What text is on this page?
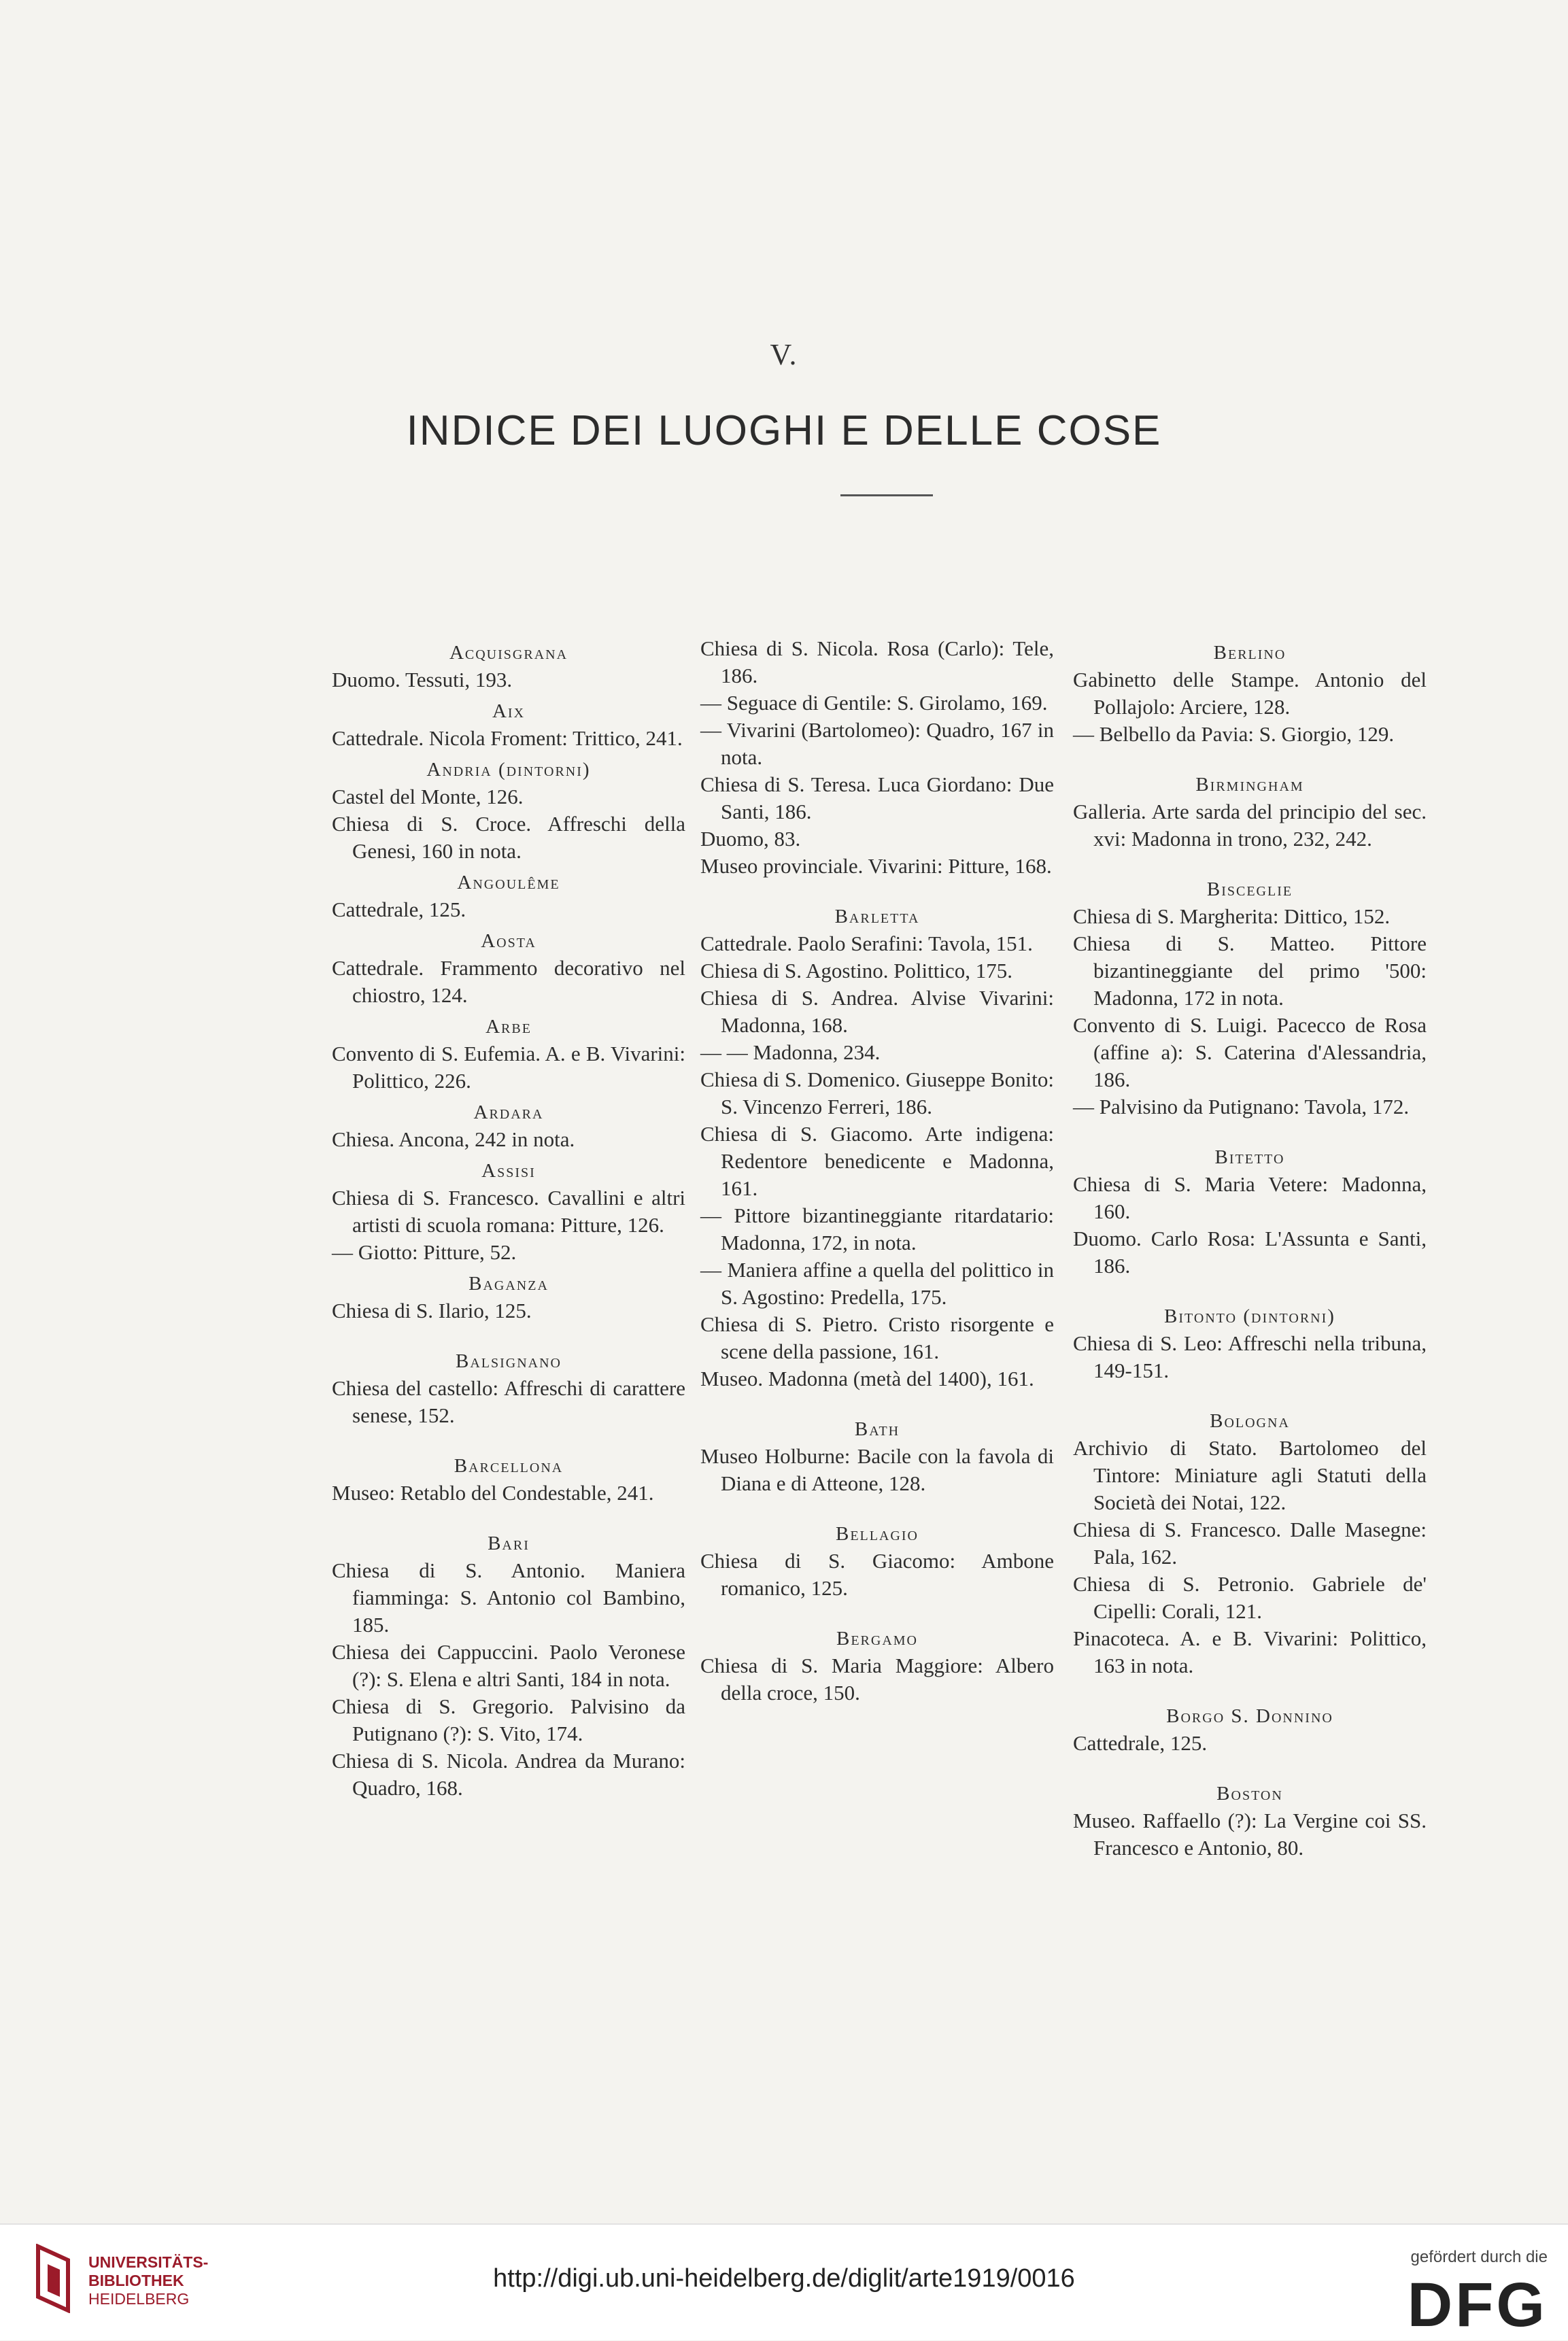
V.
INDICE DEI LUOGHI E DELLE COSE
Acquisgrana
Duomo. Tessuti, 193.
Aix
Cattedrale. Nicola Froment: Trittico, 241.
Andria (dintorni)
Castel del Monte, 126.
Chiesa di S. Croce. Affreschi della Genesi, 160 in nota.
Angoulême
Cattedrale, 125.
Aosta
Cattedrale. Frammento decorativo nel chiostro, 124.
Arbe
Convento di S. Eufemia. A. e B. Vivarini: Polittico, 226.
Ardara
Chiesa. Ancona, 242 in nota.
Assisi
Chiesa di S. Francesco. Cavallini e altri artisti di scuola romana: Pitture, 126.
— Giotto: Pitture, 52.
Baganza
Chiesa di S. Ilario, 125.
Balsignano
Chiesa del castello: Affreschi di carattere senese, 152.
Barcellona
Museo: Retablo del Condestable, 241.
Bari
Chiesa di S. Antonio. Maniera fiamminga: S. Antonio col Bambino, 185.
Chiesa dei Cappuccini. Paolo Veronese (?): S. Elena e altri Santi, 184 in nota.
Chiesa di S. Gregorio. Palvisino da Putignano (?): S. Vito, 174.
Chiesa di S. Nicola. Andrea da Murano: Quadro, 168.
Chiesa di S. Nicola. Rosa (Carlo): Tele, 186.
— Seguace di Gentile: S. Girolamo, 169.
— Vivarini (Bartolomeo): Quadro, 167 in nota.
Chiesa di S. Teresa. Luca Giordano: Due Santi, 186.
Duomo, 83.
Museo provinciale. Vivarini: Pitture, 168.
Barletta
Cattedrale. Paolo Serafini: Tavola, 151.
Chiesa di S. Agostino. Polittico, 175.
Chiesa di S. Andrea. Alvise Vivarini: Madonna, 168.
— — Madonna, 234.
Chiesa di S. Domenico. Giuseppe Bonito: S. Vincenzo Ferreri, 186.
Chiesa di S. Giacomo. Arte indigena: Redentore benedicente e Madonna, 161.
— Pittore bizantineggiante ritardatario: Madonna, 172, in nota.
— Maniera affine a quella del polittico in S. Agostino: Predella, 175.
Chiesa di S. Pietro. Cristo risorgente e scene della passione, 161.
Museo. Madonna (metà del 1400), 161.
Bath
Museo Holburne: Bacile con la favola di Diana e di Atteone, 128.
Bellagio
Chiesa di S. Giacomo: Ambone romanico, 125.
Bergamo
Chiesa di S. Maria Maggiore: Albero della croce, 150.
Berlino
Gabinetto delle Stampe. Antonio del Pollajolo: Arciere, 128.
— Belbello da Pavia: S. Giorgio, 129.
Birmingham
Galleria. Arte sarda del principio del sec. xvi: Madonna in trono, 232, 242.
Bisceglie
Chiesa di S. Margherita: Dittico, 152.
Chiesa di S. Matteo. Pittore bizantineggiante del primo '500: Madonna, 172 in nota.
Convento di S. Luigi. Pacecco de Rosa (affine a): S. Caterina d'Alessandria, 186.
— Palvisino da Putignano: Tavola, 172.
Bitetto
Chiesa di S. Maria Vetere: Madonna, 160.
Duomo. Carlo Rosa: L'Assunta e Santi, 186.
Bitonto (dintorni)
Chiesa di S. Leo: Affreschi nella tribuna, 149-151.
Bologna
Archivio di Stato. Bartolomeo del Tintore: Miniature agli Statuti della Società dei Notai, 122.
Chiesa di S. Francesco. Dalle Masegne: Pala, 162.
Chiesa di S. Petronio. Gabriele de' Cipelli: Corali, 121.
Pinacoteca. A. e B. Vivarini: Polittico, 163 in nota.
Borgo S. Donnino
Cattedrale, 125.
Boston
Museo. Raffaello (?): La Vergine coi SS. Francesco e Antonio, 80.
UNIVERSITÄTS-
BIBLIOTHEK
HEIDELBERG
http://digi.ub.uni-heidelberg.de/diglit/arte1919/0016
gefördert durch die
DFG
